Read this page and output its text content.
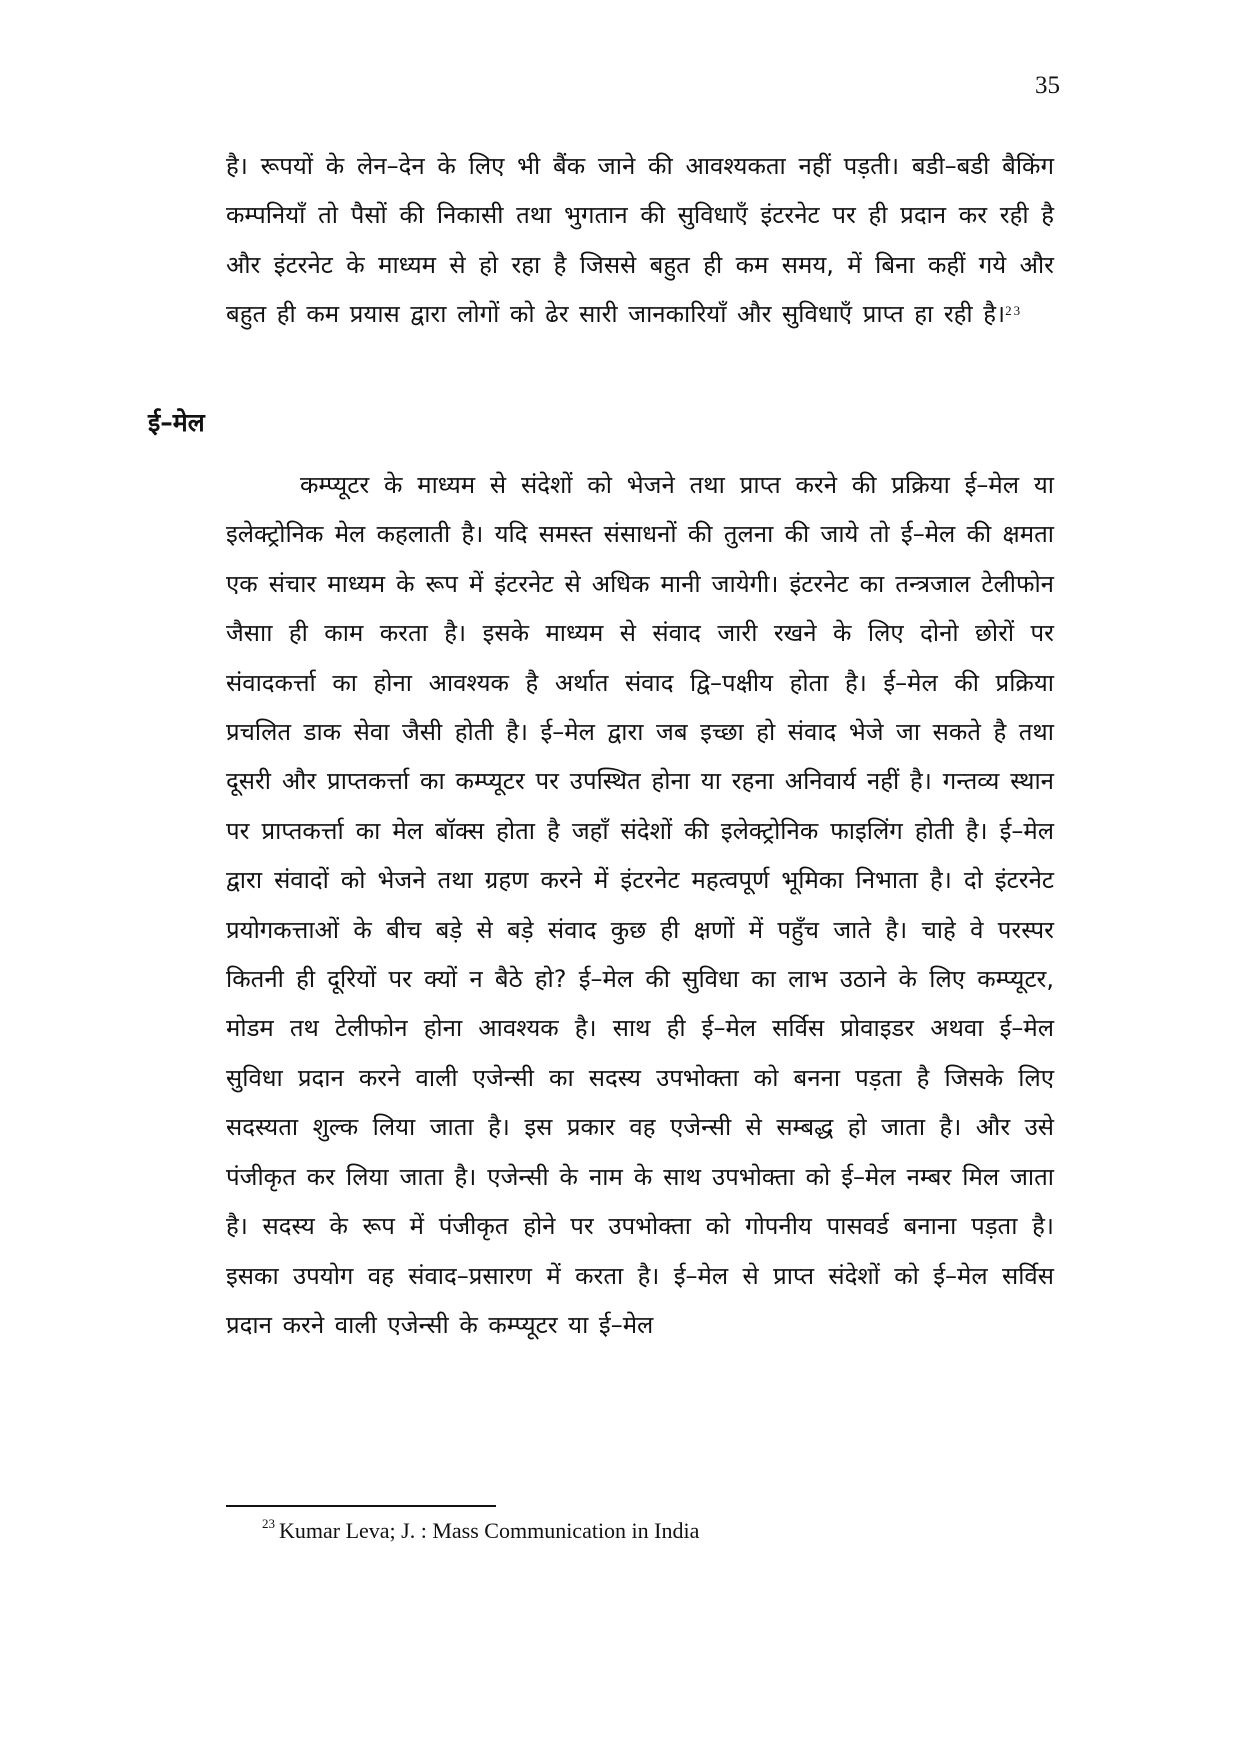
35

है। रूपयों के लेन–देन के लिए भी बैंक जाने की आवश्यकता नहीं पड़ती। बडी–बडी बैकिंग कम्पनियाँ तो पैसों की निकासी तथा भुगतान की सुविधाएँ इंटरनेट पर ही प्रदान कर रही है और इंटरनेट के माध्यम से हो रहा है जिससे बहुत ही कम समय, में बिना कहीं गये और बहुत ही कम प्रयास द्वारा लोगों को ढेर सारी जानकारियाँ और सुविधाएँ प्राप्त हा रही है।$^{23}$

ई–मेल

कम्प्यूटर के माध्यम से संदेशों को भेजने तथा प्राप्त करने की प्रक्रिया ई–मेल या इलेक्ट्रोनिक मेल कहलाती है। यदि समस्त संसाधनों की तुलना की जाये तो ई–मेल की क्षमता एक संचार माध्यम के रूप में इंटरनेट से अधिक मानी जायेगी। इंटरनेट का तन्त्रजाल टेलीफोन जैसाा ही काम करता है। इसके माध्यम से संवाद जारी रखने के लिए दोनो छोरों पर संवादकर्त्ता का होना आवश्यक है अर्थात संवाद द्वि–पक्षीय होता है। ई–मेल की प्रक्रिया प्रचलित डाक सेवा जैसी होती है। ई–मेल द्वारा जब इच्छा हो संवाद भेजे जा सकते है तथा दूसरी और प्राप्तकर्त्ता का कम्प्यूटर पर उपस्थित होना या रहना अनिवार्य नहीं है। गन्तव्य स्थान पर प्राप्तकर्त्ता का मेल बॉक्स होता है जहाँ संदेशों की इलेक्ट्रोनिक फाइलिंग होती है। ई–मेल द्वारा संवादों को भेजने तथा ग्रहण करने में इंटरनेट महत्वपूर्ण भूमिका निभाता है। दो इंटरनेट प्रयोगकत्ताओं के बीच बड़े से बड़े संवाद कुछ ही क्षणों में पहुँच जाते है। चाहे वे परस्पर कितनी ही दूरियों पर क्यों न बैठे हो? ई–मेल की सुविधा का लाभ उठाने के लिए कम्प्यूटर, मोडम तथ टेलीफोन होना आवश्यक है। साथ ही ई–मेल सर्विस प्रोवाइडर अथवा ई–मेल सुविधा प्रदान करने वाली एजेन्सी का सदस्य उपभोक्ता को बनना पड़ता है जिसके लिए सदस्यता शुल्क लिया जाता है। इस प्रकार वह एजेन्सी से सम्बद्ध हो जाता है। और उसे पंजीकृत कर लिया जाता है। एजेन्सी के नाम के साथ उपभोक्ता को ई–मेल नम्बर मिल जाता है। सदस्य के रूप में पंजीकृत होने पर उपभोक्ता को गोपनीय पासवर्ड बनाना पड़ता है। इसका उपयोग वह संवाद–प्रसारण में करता है। ई–मेल से प्राप्त संदेशों को ई–मेल सर्विस प्रदान करने वाली एजेन्सी के कम्प्यूटर या ई–मेल

$^{23}$ Kumar Leva; J. : Mass Communication in India
